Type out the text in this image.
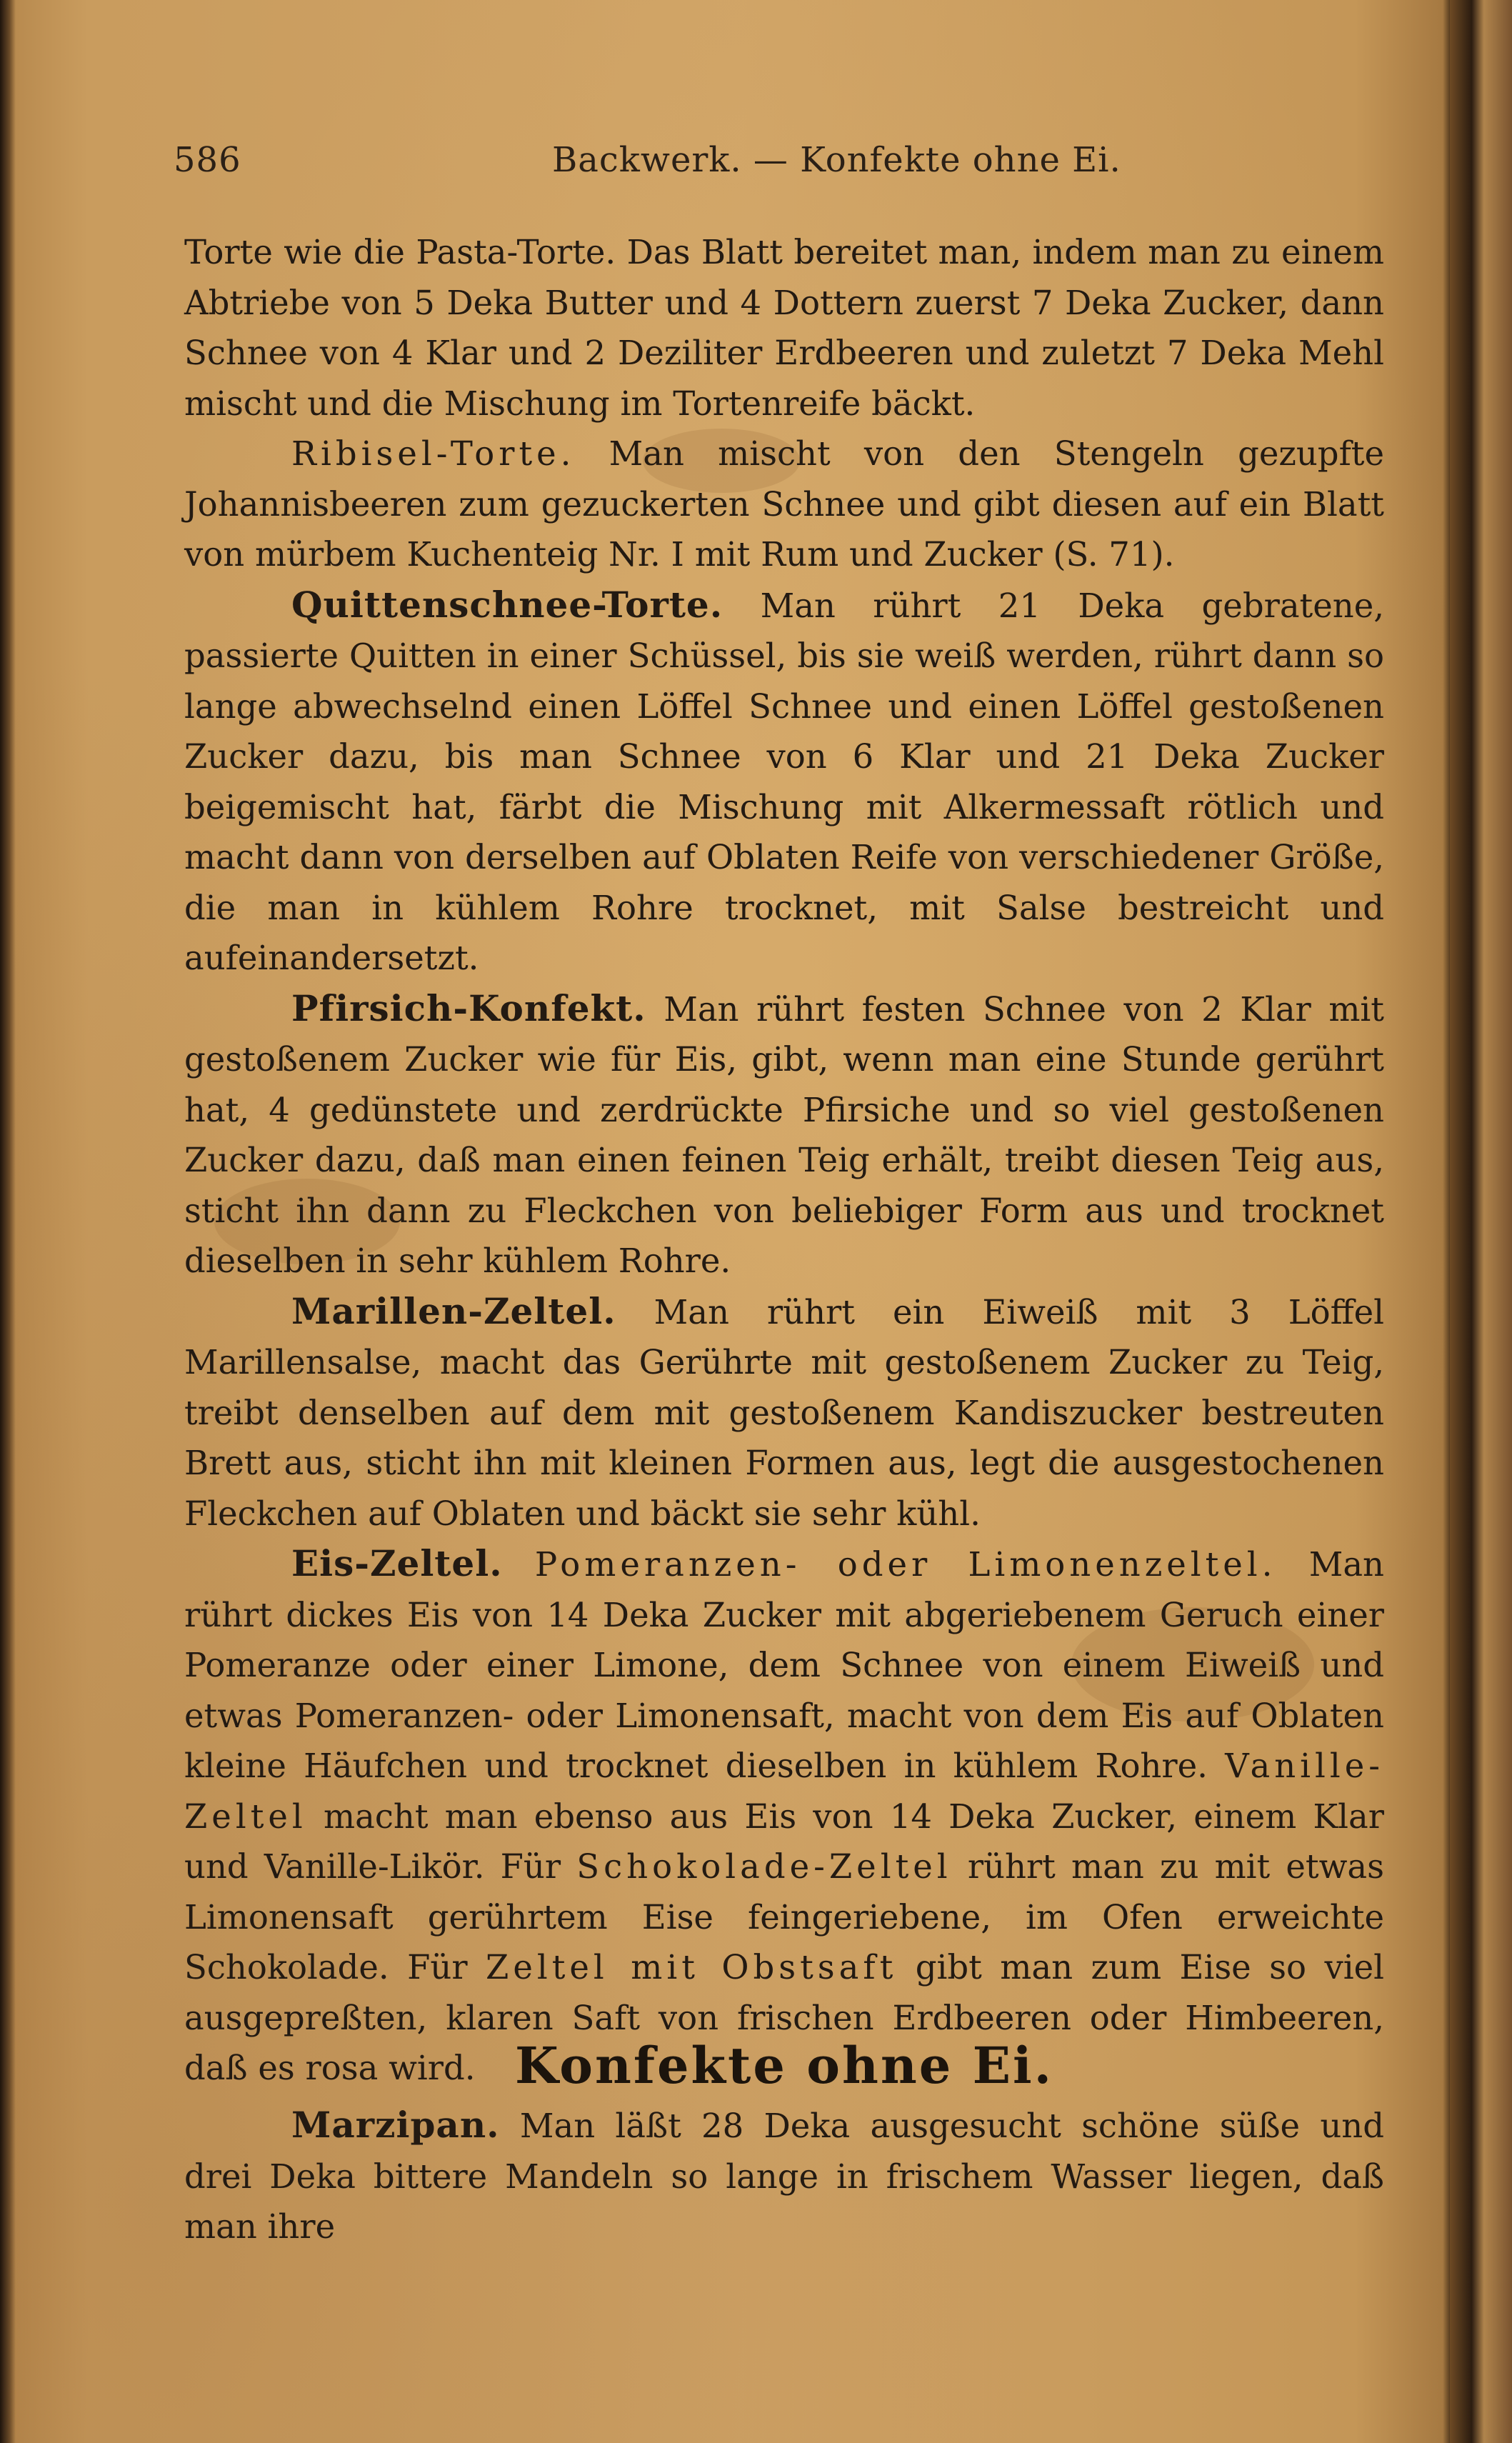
586	Backwerk. — Konfekte ohne Ei.

Torte wie die Pasta-Torte. Das Blatt bereitet man, indem man zu einem Abtriebe von 5 Deka Butter und 4 Dottern zuerst 7 Deka Zucker, dann Schnee von 4 Klar und 2 Deziliter Erdbeeren und zuletzt 7 Deka Mehl mischt und die Mischung im Tortenreife bäckt.

Ribisel-Torte. Man mischt von den Stengeln gezupfte Johannisbeeren zum gezuckerten Schnee und gibt diesen auf ein Blatt von mürbem Kuchenteig Nr. I mit Rum und Zucker (S. 71).

Quittenschnee-Torte. Man rührt 21 Deka gebratene, passierte Quitten in einer Schüssel, bis sie weiß werden, rührt dann so lange abwechselnd einen Löffel Schnee und einen Löffel gestoßenen Zucker dazu, bis man Schnee von 6 Klar und 21 Deka Zucker beigemischt hat, färbt die Mischung mit Alkermessaft rötlich und macht dann von derselben auf Oblaten Reife von verschiedener Größe, die man in kühlem Rohre trocknet, mit Salse bestreicht und aufeinandersetzt.

Pfirsich-Konfekt. Man rührt festen Schnee von 2 Klar mit gestoßenem Zucker wie für Eis, gibt, wenn man eine Stunde gerührt hat, 4 gedünstete und zerdrückte Pfirsiche und so viel gestoßenen Zucker dazu, daß man einen feinen Teig erhält, treibt diesen Teig aus, sticht ihn dann zu Fleckchen von beliebiger Form aus und trocknet dieselben in sehr kühlem Rohre.

Marillen-Zeltel. Man rührt ein Eiweiß mit 3 Löffel Marillensalse, macht das Gerührte mit gestoßenem Zucker zu Teig, treibt denselben auf dem mit gestoßenem Kandiszucker bestreuten Brett aus, sticht ihn mit kleinen Formen aus, legt die ausgestochenen Fleckchen auf Oblaten und bäckt sie sehr kühl.

Eis-Zeltel. Pomeranzen- oder Limonenzeltel. Man rührt dickes Eis von 14 Deka Zucker mit abgeriebenem Geruch einer Pomeranze oder einer Limone, dem Schnee von einem Eiweiß und etwas Pomeranzen- oder Limonensaft, macht von dem Eis auf Oblaten kleine Häufchen und trocknet dieselben in kühlem Rohre. Vanille-Zeltel macht man ebenso aus Eis von 14 Deka Zucker, einem Klar und Vanille-Likör. Für Schokolade-Zeltel rührt man zu mit etwas Limonensaft gerührtem Eise feingeriebene, im Ofen erweichte Schokolade. Für Zeltel mit Obstsaft gibt man zum Eise so viel ausgepreßten, klaren Saft von frischen Erdbeeren oder Himbeeren, daß es rosa wird. Konfekte ohne Ei.

Marzipan. Man läßt 28 Deka ausgesucht schöne süße und drei Deka bittere Mandeln so lange in frischem Wasser liegen, daß man ihre
